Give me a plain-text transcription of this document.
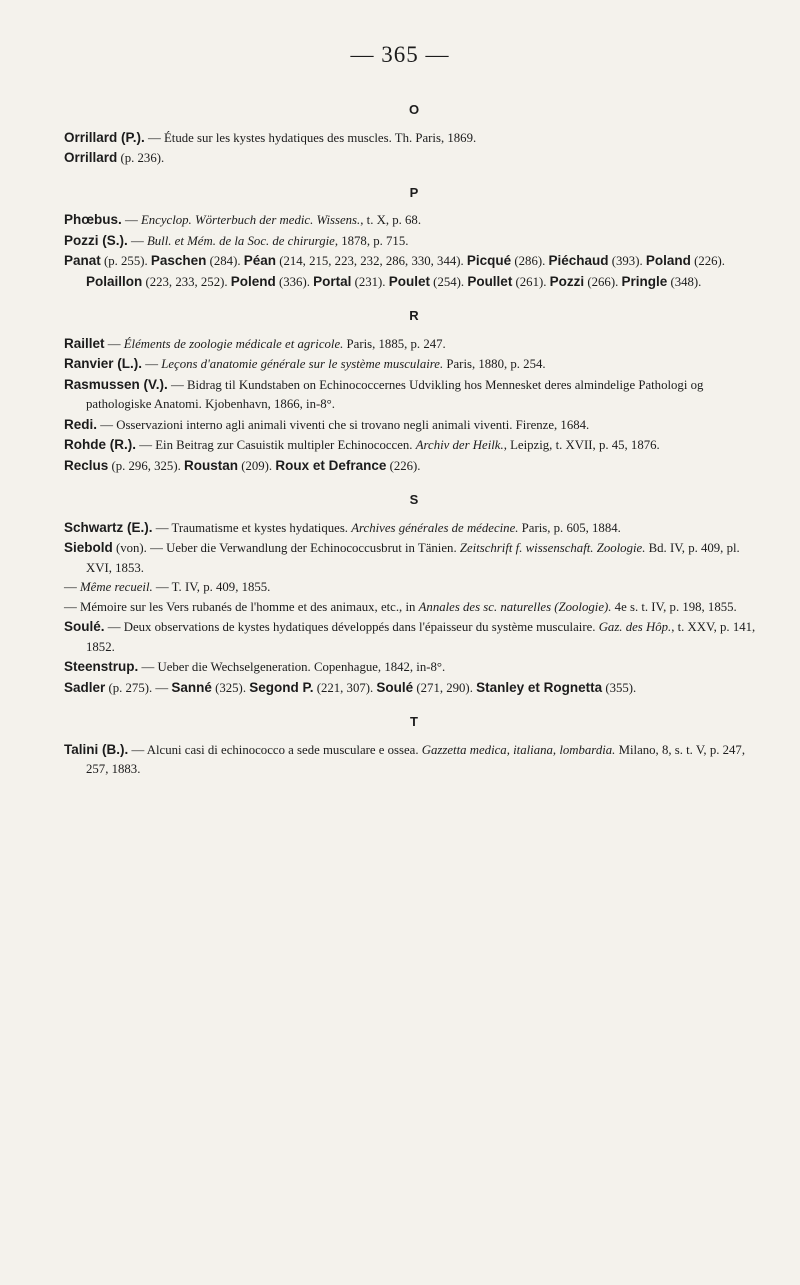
— 365 —
O

Orrillard (P.). — Étude sur les kystes hydatiques des muscles. Th. Paris, 1869.

Orrillard (p. 236).

P

Phœbus. — Encyclop. Wörterbuch der medic. Wissens., t. X, p. 68.

Pozzi (S.). — Bull. et Mém. de la Soc. de chirurgie, 1878, p. 715.

Panat (p. 255). Paschen (284). Péan (214, 215, 223, 232, 286, 330, 344). Picqué (286). Piéchaud (393). Poland (226). Polaillon (223, 233, 252). Polend (336). Portal (231). Poulet (254). Poullet (261). Pozzi (266). Pringle (348).

R

Raillet — Éléments de zoologie médicale et agricole. Paris, 1885, p. 247.

Ranvier (L.). — Leçons d'anatomie générale sur le système musculaire. Paris, 1880, p. 254.

Rasmussen (V.). — Bidrag til Kundstaben on Echinococcernes Udvikling hos Mennesket deres almindelige Pathologi og pathologiske Anatomi. Kjobenhavn, 1866, in-8°.

Redi. — Osservazioni interno agli animali viventi che si trovano negli animali viventi. Firenze, 1684.

Rohde (R.). — Ein Beitrag zur Casuistik multipler Echinococcen. Archiv der Heilk., Leipzig, t. XVII, p. 45, 1876.

Reclus (p. 296, 325). Roustan (209). Roux et Defrance (226).

S

Schwartz (E.). — Traumatisme et kystes hydatiques. Archives générales de médecine. Paris, p. 605, 1884.

Siebold (von). — Ueber die Verwandlung der Echinococcusbrut in Tänien. Zeitschrift f. wissenschaft. Zoologie. Bd. IV, p. 409, pl. XVI, 1853.

— Même recueil. — T. IV, p. 409, 1855.

— Mémoire sur les Vers rubanés de l'homme et des animaux, etc., in Annales des sc. naturelles (Zoologie). 4e s. t. IV, p. 198, 1855.

Soulé. — Deux observations de kystes hydatiques développés dans l'épaisseur du système musculaire. Gaz. des Hôp., t. XXV, p. 141, 1852.

Steenstrup. — Ueber die Wechselgeneration. Copenhague, 1842, in-8°.

Sadler (p. 275). — Sanné (325). Segond P. (221, 307). Soulé (271, 290). Stanley et Rognetta (355).

T

Talini (B.). — Alcuni casi di echinococco a sede musculare e ossea. Gazzetta medica, italiana, lombardia. Milano, 8, s. t. V, p. 247, 257, 1883.
